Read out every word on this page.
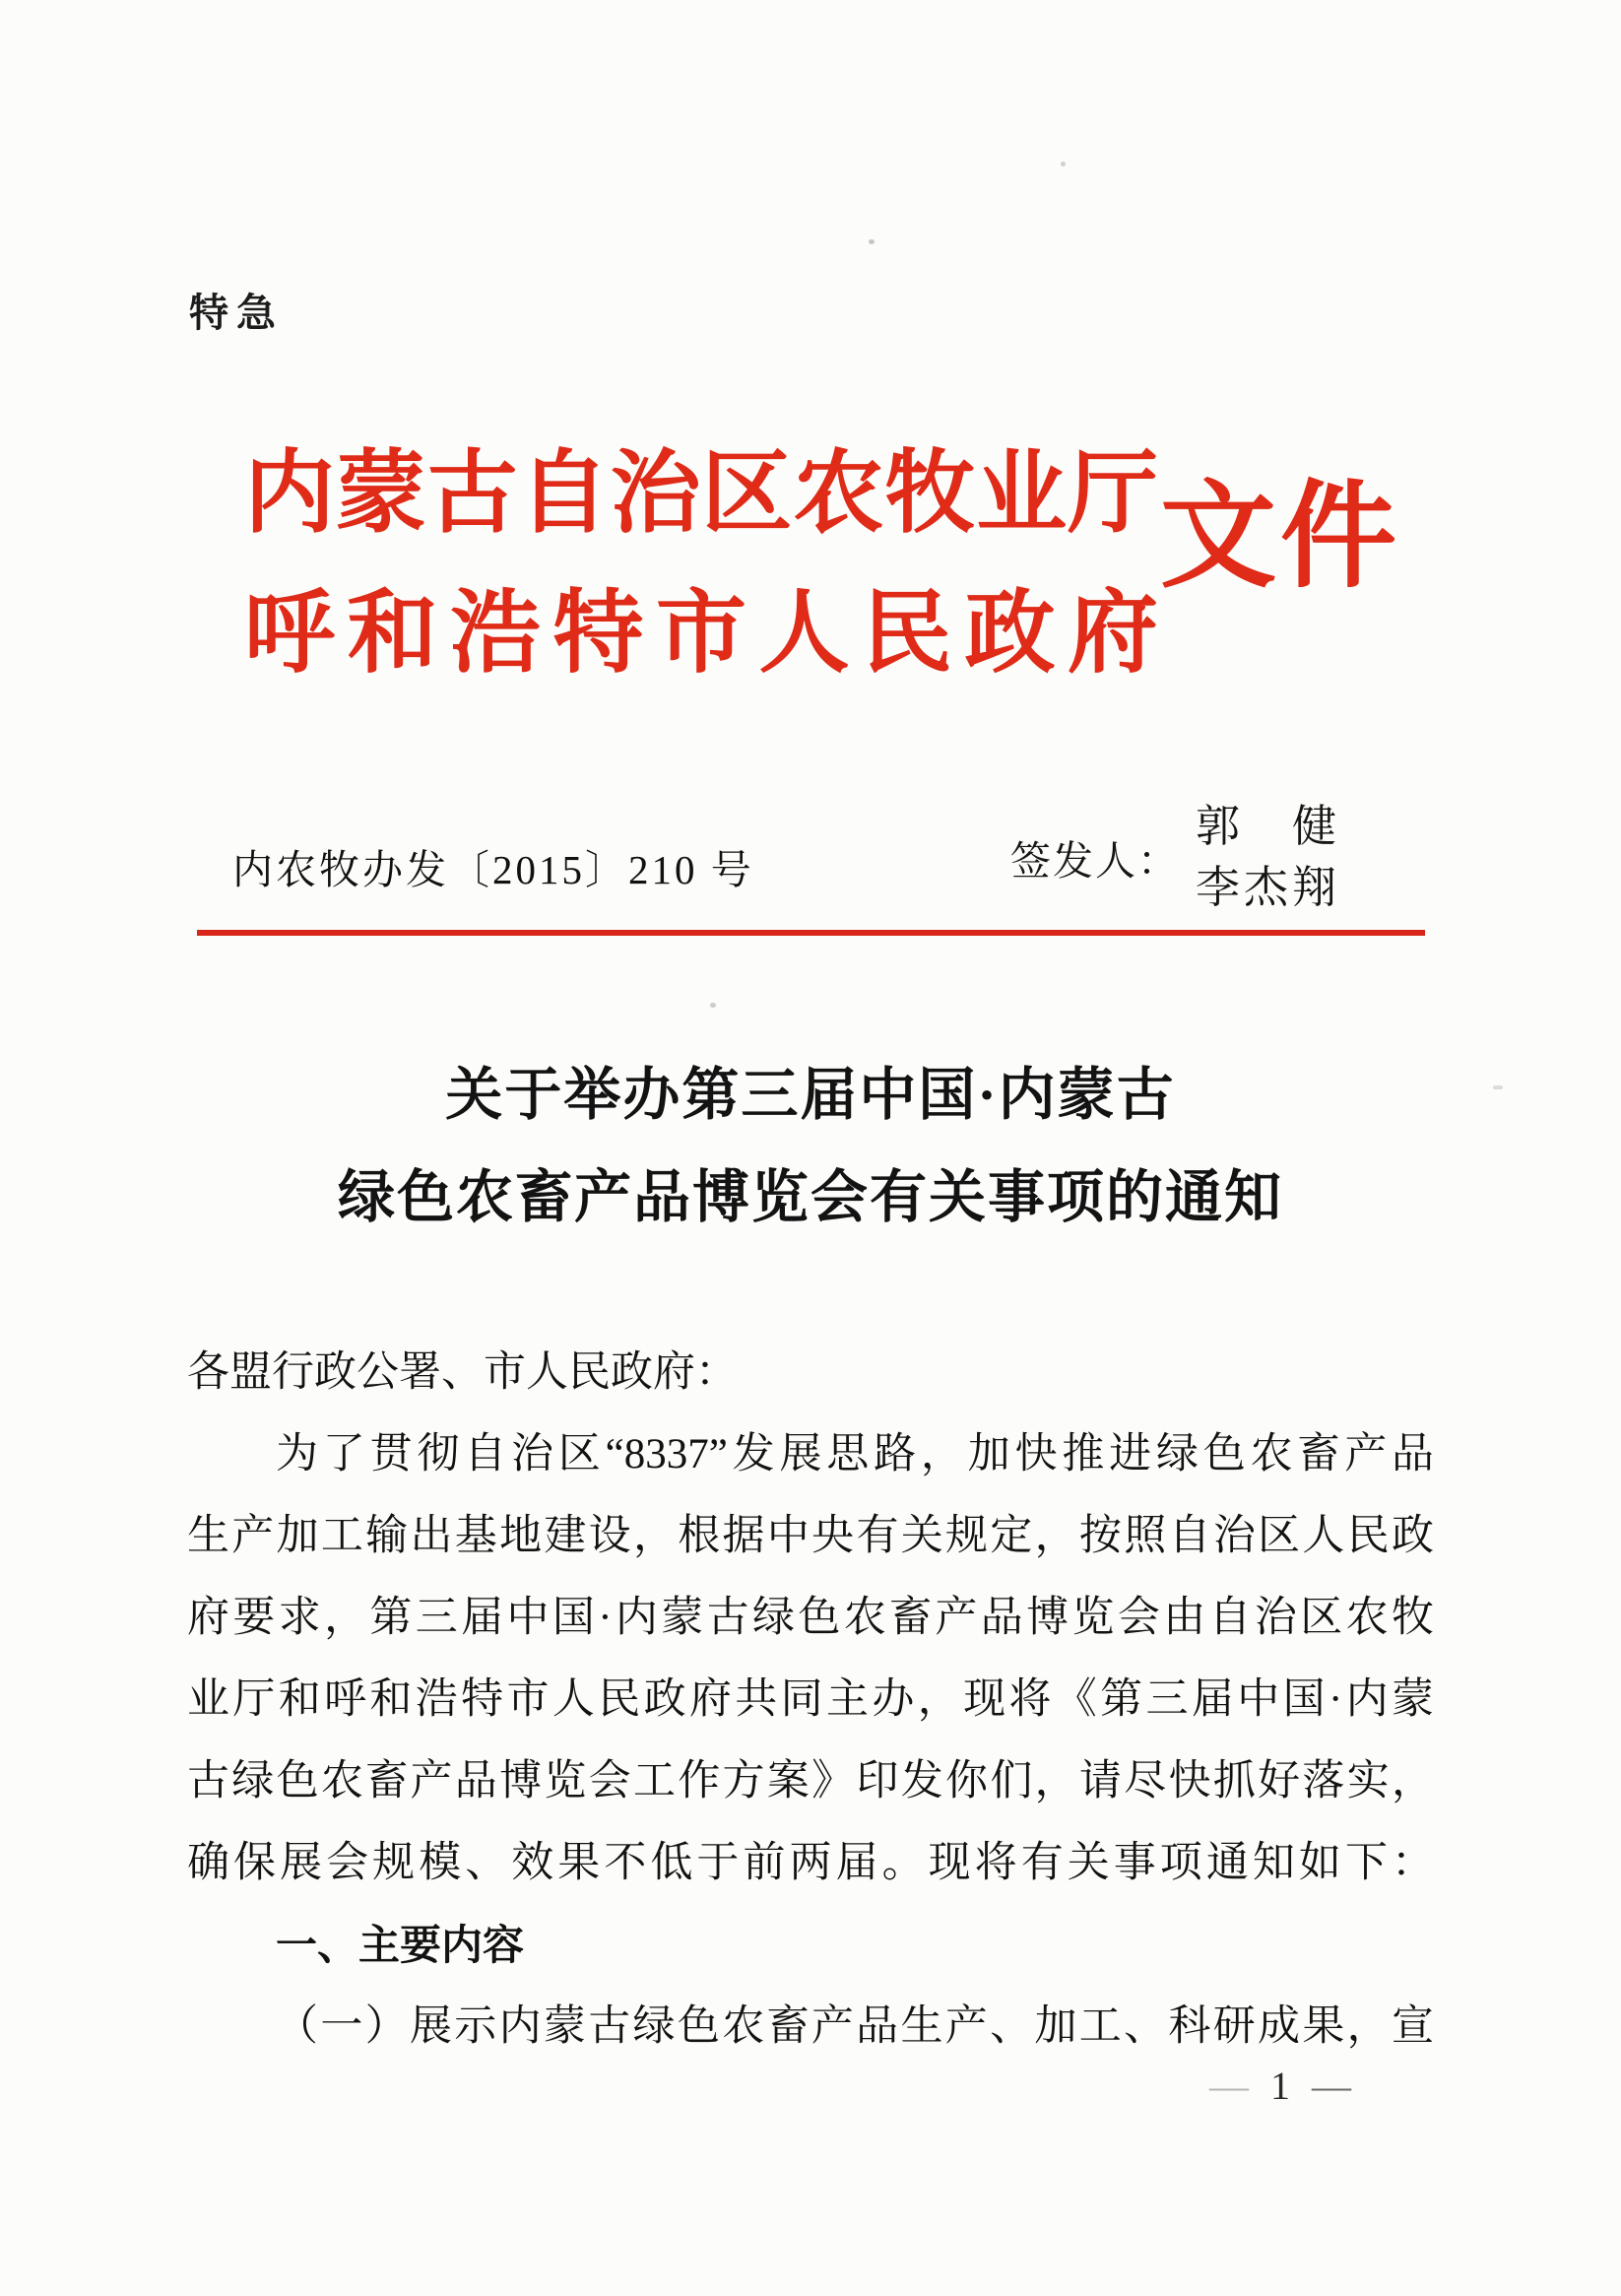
特急
内蒙古自治区农牧业厅
呼和浩特市人民政府
文件
内农牧办发〔2015〕210 号	签发人：
郭　健
李杰翔
关于举办第三届中国·内蒙古
绿色农畜产品博览会有关事项的通知
各盟行政公署、市人民政府：
为了贯彻自治区“8337”发展思路，加快推进绿色农畜产品
生产加工输出基地建设，根据中央有关规定，按照自治区人民政
府要求，第三届中国·内蒙古绿色农畜产品博览会由自治区农牧
业厅和呼和浩特市人民政府共同主办，现将《第三届中国·内蒙
古绿色农畜产品博览会工作方案》印发你们，请尽快抓好落实，
确保展会规模、效果不低于前两届。现将有关事项通知如下：
一、主要内容
（一）展示内蒙古绿色农畜产品生产、加工、科研成果，宣
— 1 —
